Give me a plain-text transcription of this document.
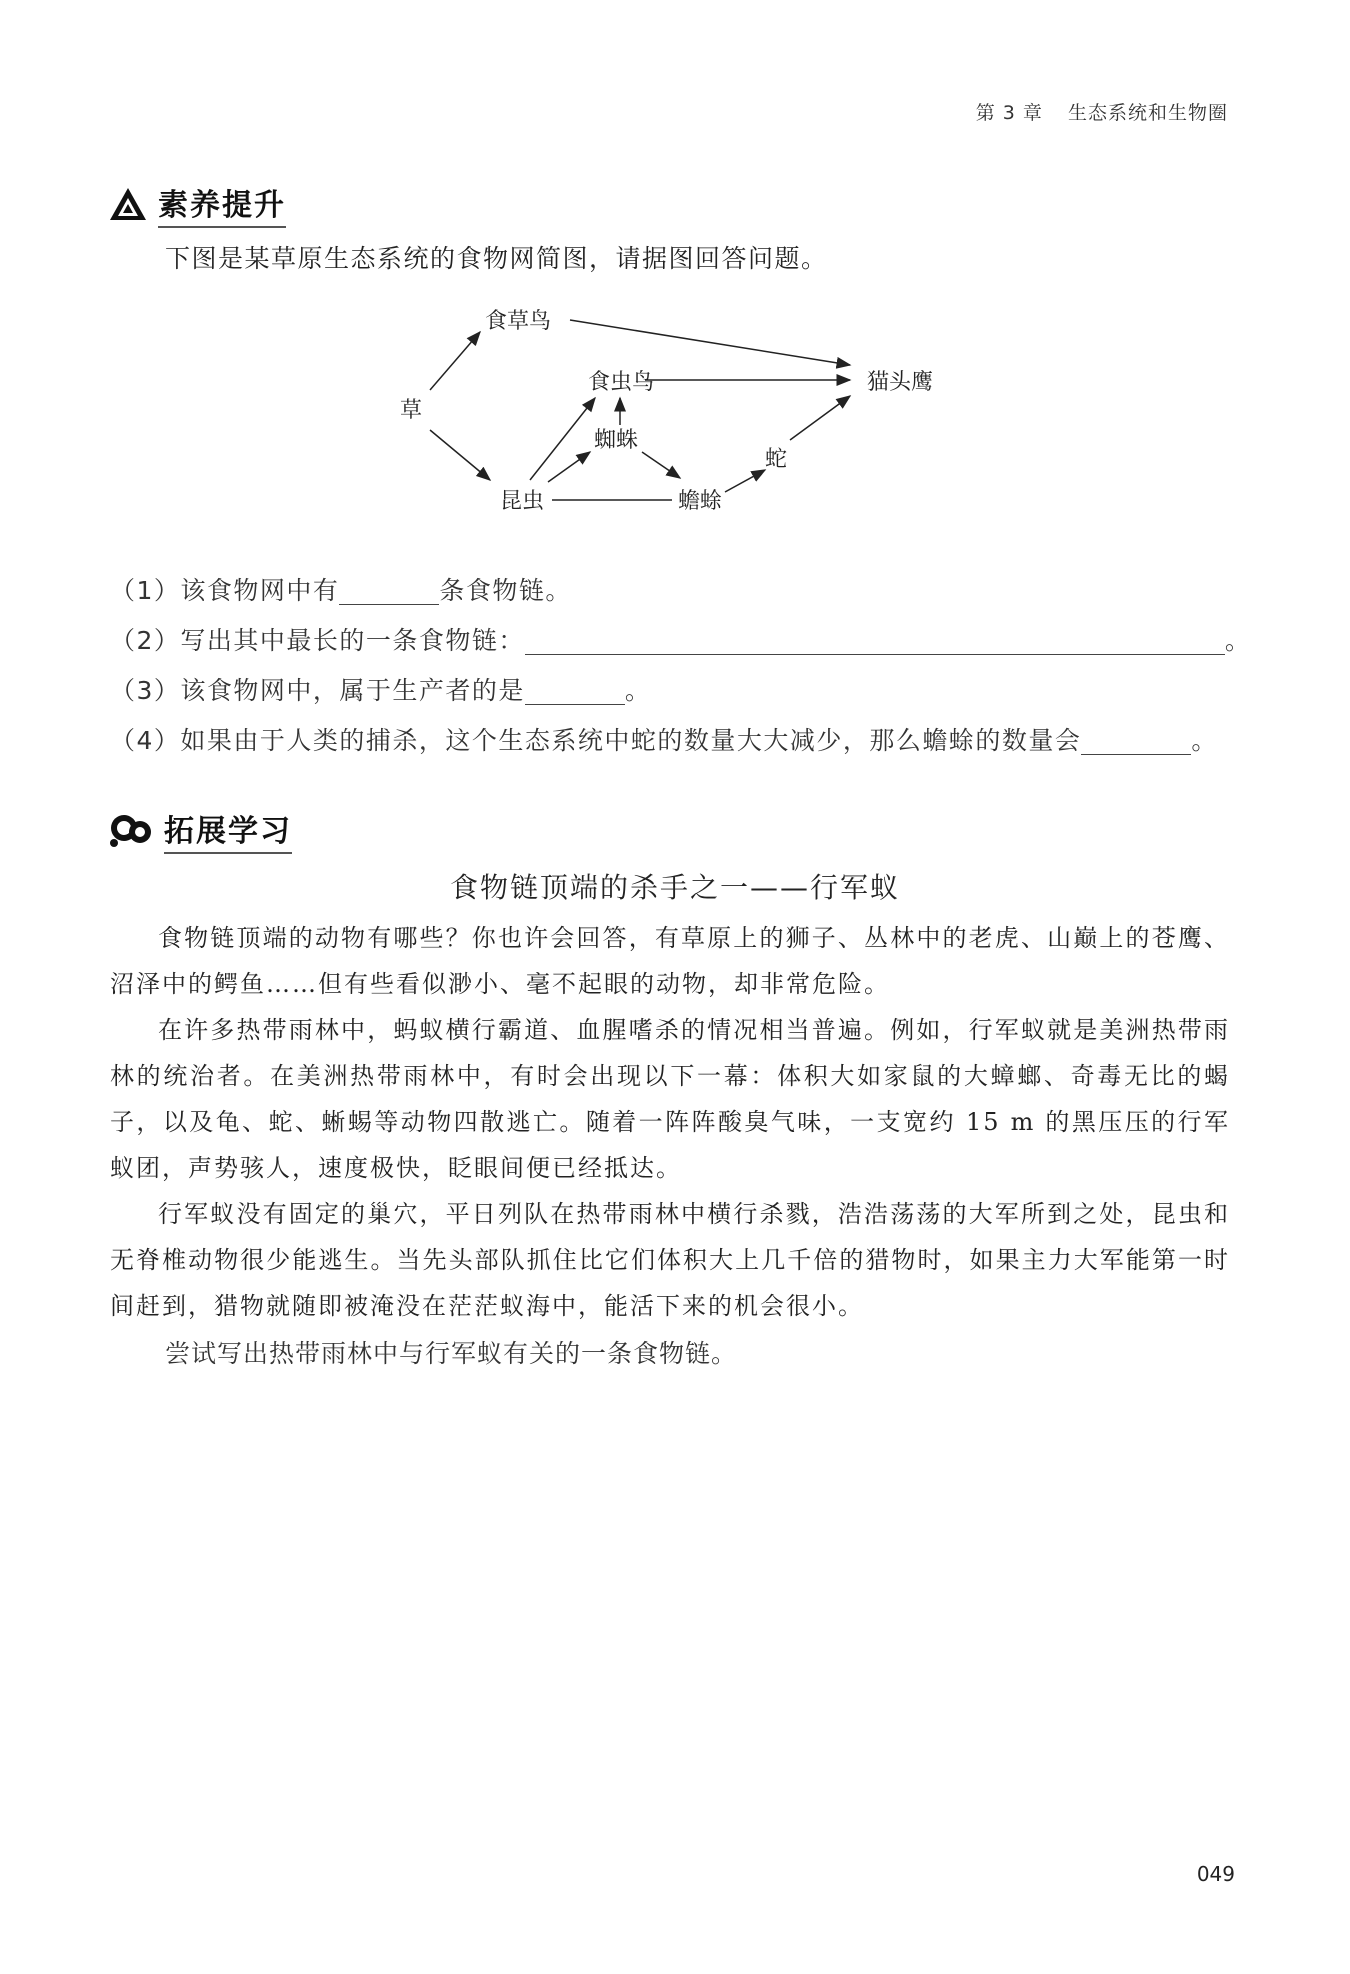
第 3 章 生态系统和生物圈
素养提升
下图是某草原生态系统的食物网简图，请据图回答问题。
草
食草鸟
食虫鸟	猫头鹰
蜘蛛
昆虫	蟾蜍
蛇
（1）该食物网中有	条食物链。
（2）写出其中最长的一条食物链：	。
（3）该食物网中，属于生产者的是	。
（4）如果由于人类的捕杀，这个生态系统中蛇的数量大大减少，那么蟾蜍的数量会	。
拓展学习
食物链顶端的杀手之一——行军蚁

食物链顶端的动物有哪些？你也许会回答，有草原上的狮子、丛林中的老虎、山巅上的苍鹰、沼泽中的鳄鱼……但有些看似渺小、毫不起眼的动物，却非常危险。

在许多热带雨林中，蚂蚁横行霸道、血腥嗜杀的情况相当普遍。例如，行军蚁就是美洲热带雨林的统治者。在美洲热带雨林中，有时会出现以下一幕：体积大如家鼠的大蟑螂、奇毒无比的蝎子，以及龟、蛇、蜥蜴等动物四散逃亡。随着一阵阵酸臭气味，一支宽约 15 m 的黑压压的行军蚁团，声势骇人，速度极快，眨眼间便已经抵达。

行军蚁没有固定的巢穴，平日列队在热带雨林中横行杀戮，浩浩荡荡的大军所到之处，昆虫和无脊椎动物很少能逃生。当先头部队抓住比它们体积大上几千倍的猎物时，如果主力大军能第一时间赶到，猎物就随即被淹没在茫茫蚁海中，能活下来的机会很小。

尝试写出热带雨林中与行军蚁有关的一条食物链。
049
